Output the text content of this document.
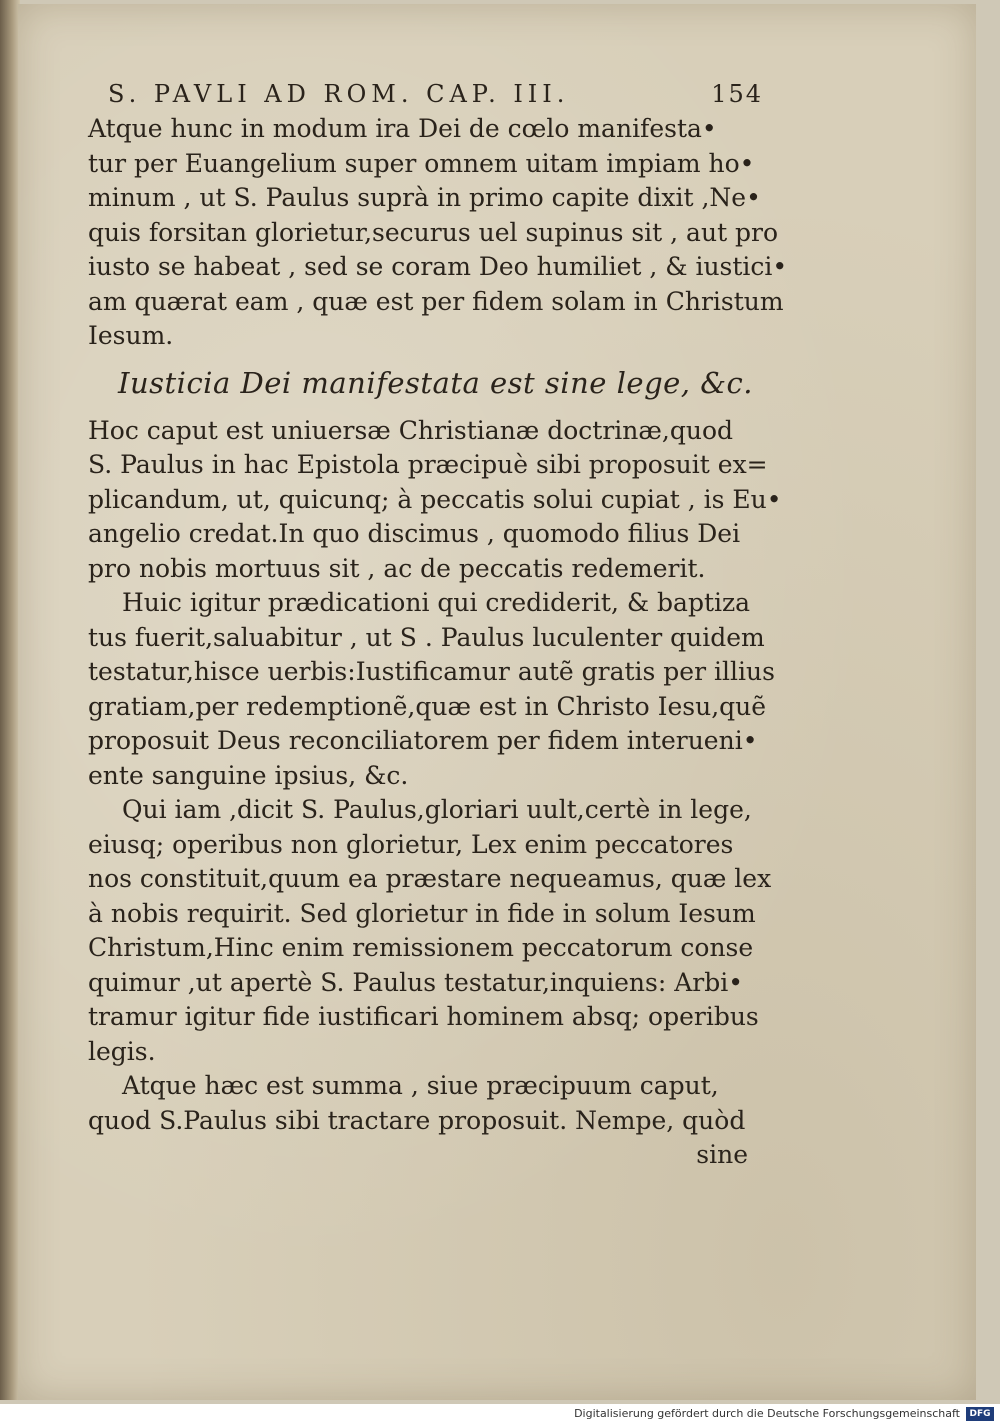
S. PAVLI AD ROM. CAP. III.	154

Atque hunc in modum ira Dei de cœlo manifesta•
tur per Euangelium super omnem uitam impiam ho•
minum , ut S. Paulus suprà in primo capite dixit ,Ne•
quis forsitan glorietur,securus uel supinus sit , aut pro
iusto se habeat , sed se coram Deo humiliet , & iustici•
am quærat eam , quæ est per fidem solam in Christum
Iesum.

Iusticia Dei manifestata est sine lege, &c.

Hoc caput est uniuersæ Christianæ doctrinæ,quod
S. Paulus in hac Epistola præcipuè sibi proposuit ex=
plicandum, ut, quicunq; à peccatis solui cupiat , is Eu•
angelio credat.In quo discimus , quomodo filius Dei
pro nobis mortuus sit , ac de peccatis redemerit.

Huic igitur prædicationi qui crediderit, & baptiza
tus fuerit,saluabitur , ut S . Paulus luculenter quidem
testatur,hisce uerbis:Iustificamur autẽ gratis per illius
gratiam,per redemptionẽ,quæ est in Christo Iesu,quẽ
proposuit Deus reconciliatorem per fidem interueni•
ente sanguine ipsius, &c.

Qui iam ,dicit S. Paulus,gloriari uult,certè in lege,
eiusq; operibus non glorietur, Lex enim peccatores
nos constituit,quum ea præstare nequeamus, quæ lex
à nobis requirit. Sed glorietur in fide in solum Iesum
Christum,Hinc enim remissionem peccatorum conse
quimur ,ut apertè S. Paulus testatur,inquiens: Arbi•
tramur igitur fide iustificari hominem absq; operibus
legis.

Atque hæc est summa , siue præcipuum caput,
quod S.Paulus sibi tractare proposuit. Nempe, quòd

sine
Digitalisierung gefördert durch die Deutsche Forschungsgemeinschaft	DFG
